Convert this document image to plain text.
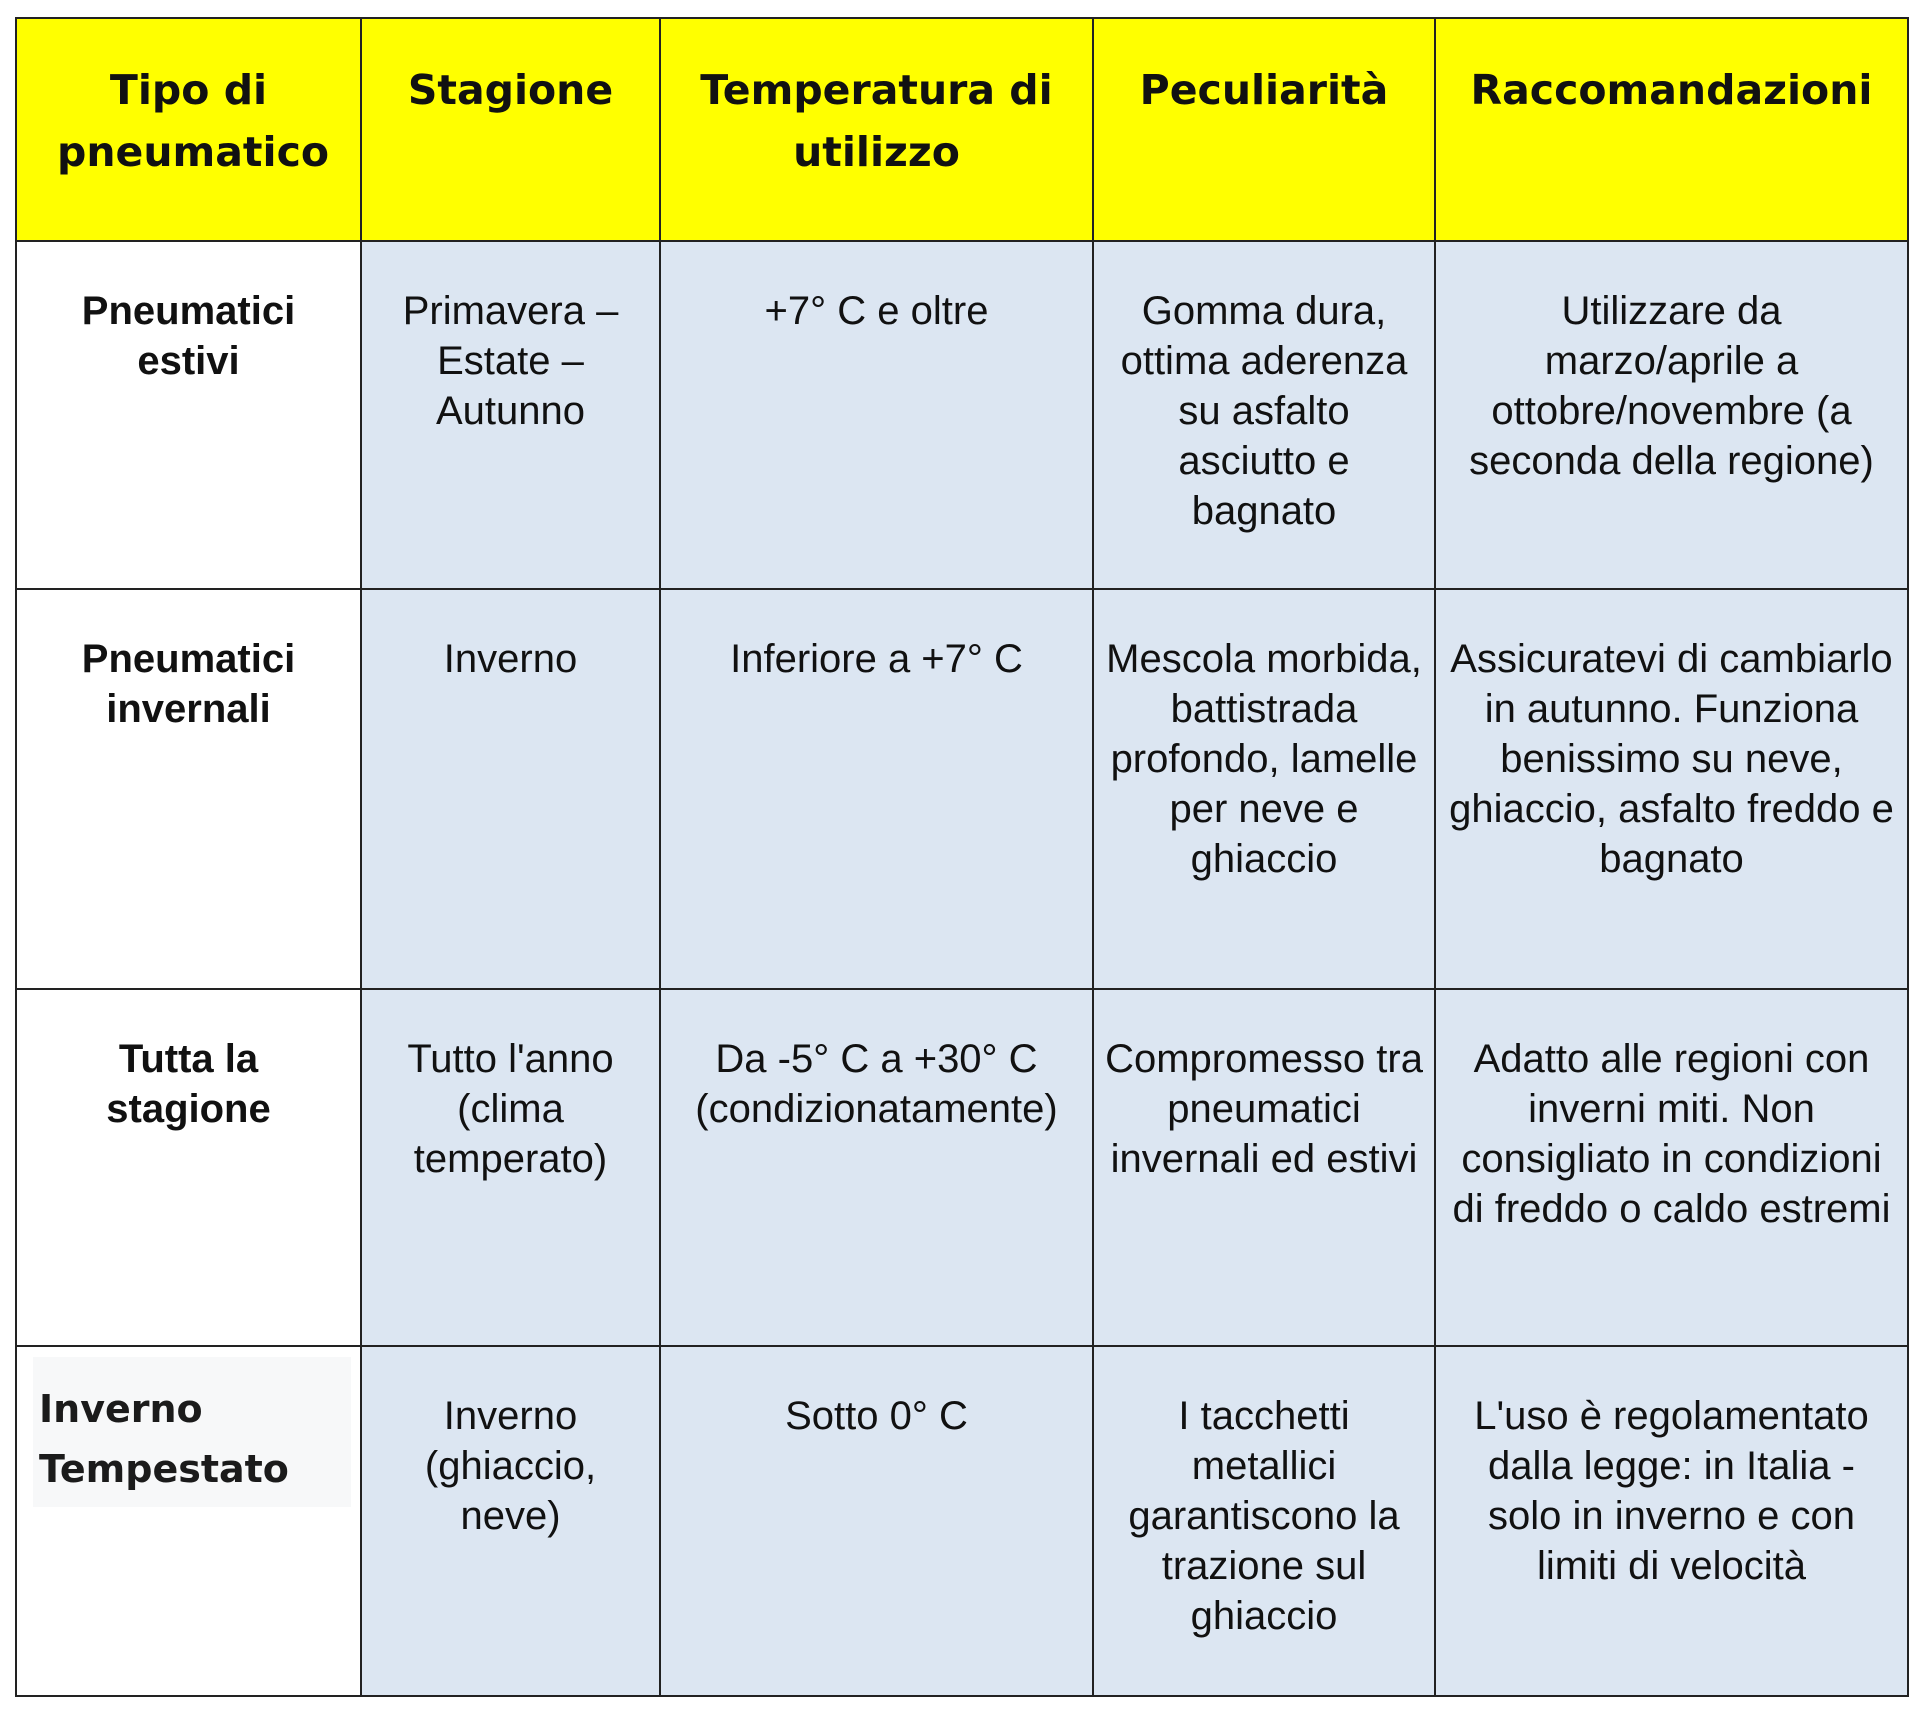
Tipo di pneumatico	Stagione	Temperatura di utilizzo	Peculiarità	Raccomandazioni

Pneumatici estivi	Primavera – Estate – Autunno	+7° C e oltre	Gomma dura, ottima aderenza su asfalto asciutto e bagnato	Utilizzare da marzo/aprile a ottobre/novembre (a seconda della regione)

Pneumatici invernali	Inverno	Inferiore a +7° C	Mescola morbida, battistrada profondo, lamelle per neve e ghiaccio	Assicuratevi di cambiarlo in autunno. Funziona benissimo su neve, ghiaccio, asfalto freddo e bagnato

Tutta la stagione	Tutto l'anno (clima temperato)	Da -5° C a +30° C (condizionatamente)	Compromesso tra pneumatici invernali ed estivi	Adatto alle regioni con inverni miti. Non consigliato in condizioni di freddo o caldo estremi

Inverno Tempestato	Inverno (ghiaccio, neve)	Sotto 0° C	I tacchetti metallici garantiscono la trazione sul ghiaccio	L'uso è regolamentato dalla legge: in Italia - solo in inverno e con limiti di velocità
